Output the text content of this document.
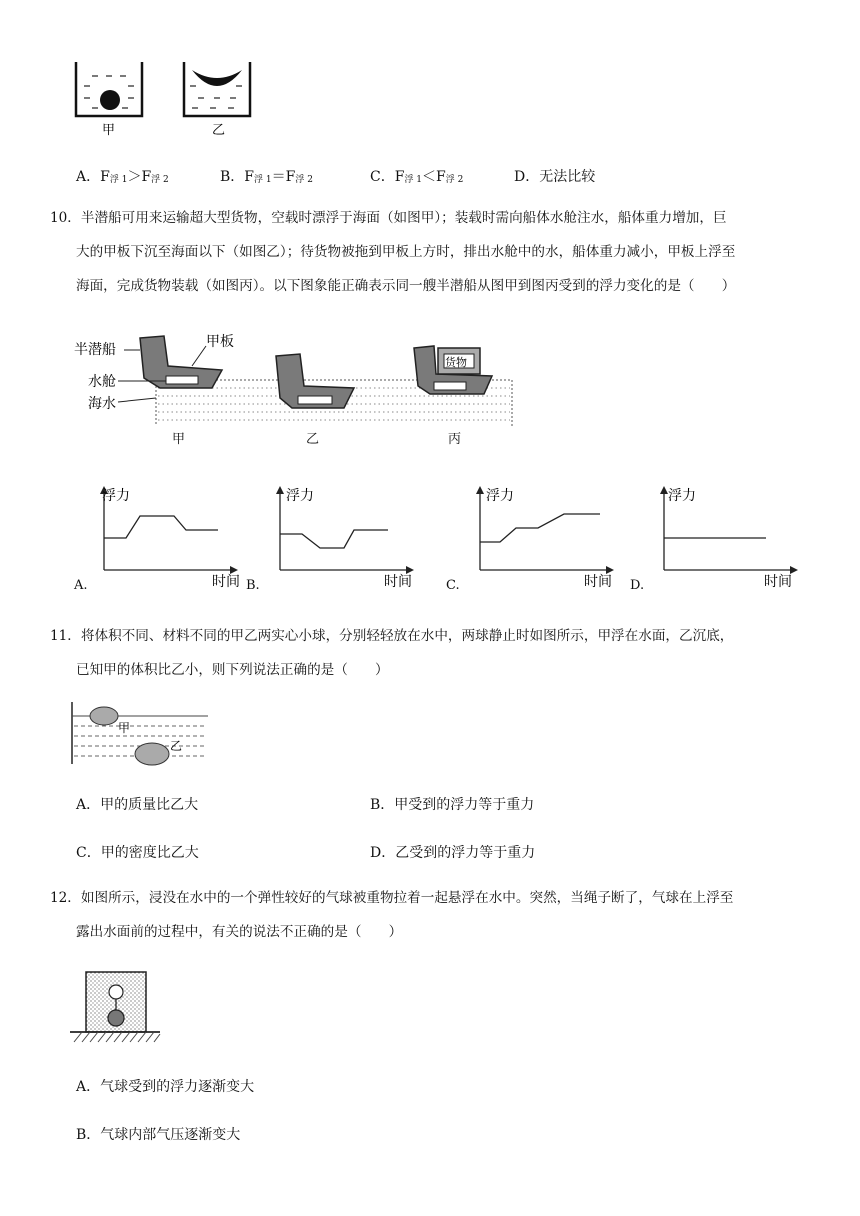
甲	乙
A．F浮 1＞F浮 2	B．F浮 1＝F浮 2	C．F浮 1＜F浮 2	D．无法比较
10．半潜船可用来运输超大型货物，空载时漂浮于海面（如图甲）；装载时需向船体水舱注水，船体重力增加，巨
大的甲板下沉至海面以下（如图乙）；待货物被拖到甲板上方时，排出水舱中的水，船体重力减小，甲板上浮至
海面，完成货物装载（如图丙）。以下图象能正确表示同一艘半潜船从图甲到图丙受到的浮力变化的是（　　）
货物
半潜船	甲板
水舱
海水
甲	乙	丙
浮力
时间
浮力
时间
浮力
时间
浮力
时间
A.	B.	C.	D.
11．将体积不同、材料不同的甲乙两实心小球，分别轻轻放在水中，两球静止时如图所示，甲浮在水面，乙沉底，
已知甲的体积比乙小，则下列说法正确的是（　　）
甲
乙
A．甲的质量比乙大	B．甲受到的浮力等于重力
C．甲的密度比乙大	D．乙受到的浮力等于重力
12．如图所示，浸没在水中的一个弹性较好的气球被重物拉着一起悬浮在水中。突然，当绳子断了，气球在上浮至
露出水面前的过程中，有关的说法不正确的是（　　）
A．气球受到的浮力逐渐变大
B．气球内部气压逐渐变大
